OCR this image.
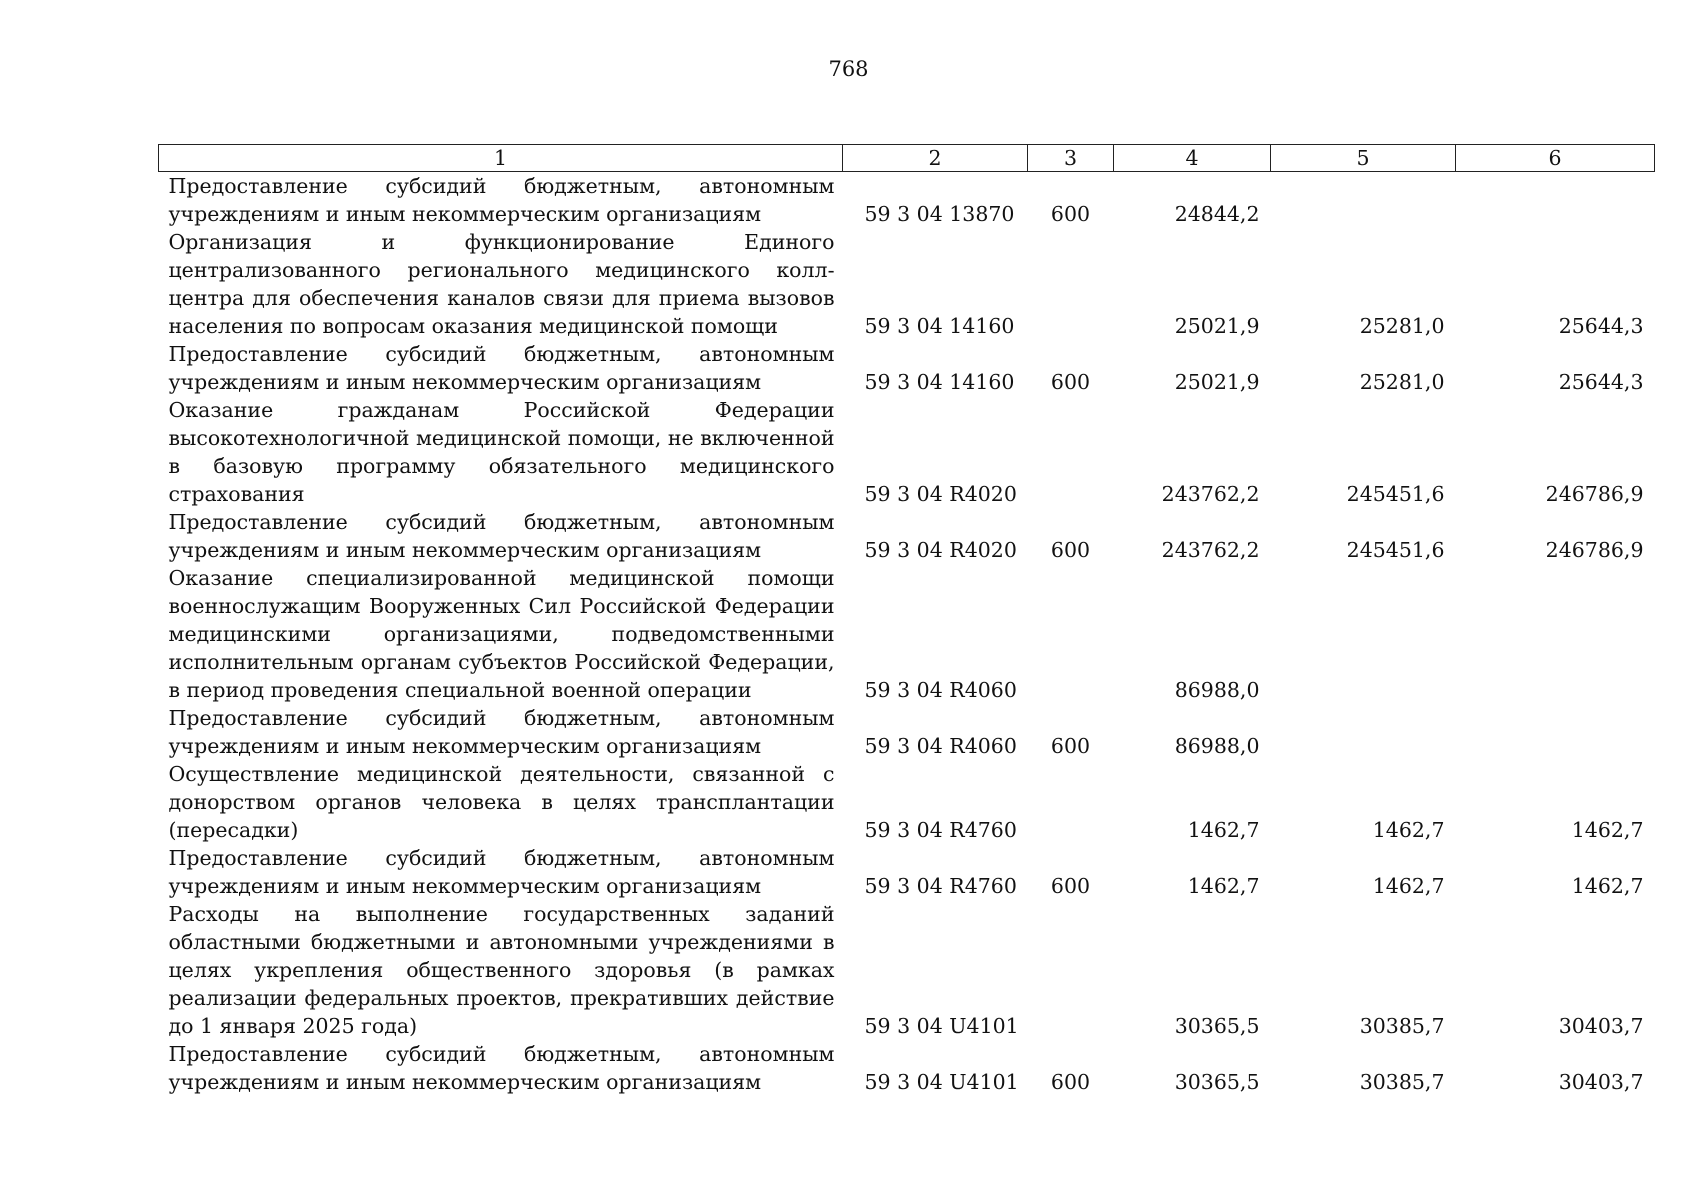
768
1	2	3	4	5	6
Предоставление субсидий бюджетным, автономным учреждениям и иным некоммерческим организациям	59 3 04 13870	600	24844,2		
Организация и функционирование Единого централизованного регионального медицинского колл-центра для обеспечения каналов связи для приема вызовов населения по вопросам оказания медицинской помощи	59 3 04 14160		25021,9	25281,0	25644,3
Предоставление субсидий бюджетным, автономным учреждениям и иным некоммерческим организациям	59 3 04 14160	600	25021,9	25281,0	25644,3
Оказание гражданам Российской Федерации высокотехнологичной медицинской помощи, не включенной в базовую программу обязательного медицинского страхования	59 3 04 R4020		243762,2	245451,6	246786,9
Предоставление субсидий бюджетным, автономным учреждениям и иным некоммерческим организациям	59 3 04 R4020	600	243762,2	245451,6	246786,9
Оказание специализированной медицинской помощи военнослужащим Вооруженных Сил Российской Федерации медицинскими организациями, подведомственными исполнительным органам субъектов Российской Федерации, в период проведения специальной военной операции	59 3 04 R4060		86988,0		
Предоставление субсидий бюджетным, автономным учреждениям и иным некоммерческим организациям	59 3 04 R4060	600	86988,0		
Осуществление медицинской деятельности, связанной с донорством органов человека в целях трансплантации (пересадки)	59 3 04 R4760		1462,7	1462,7	1462,7
Предоставление субсидий бюджетным, автономным учреждениям и иным некоммерческим организациям	59 3 04 R4760	600	1462,7	1462,7	1462,7
Расходы на выполнение государственных заданий областными бюджетными и автономными учреждениями в целях укрепления общественного здоровья (в рамках реализации федеральных проектов, прекративших действие до 1 января 2025 года)	59 3 04 U4101		30365,5	30385,7	30403,7
Предоставление субсидий бюджетным, автономным учреждениям и иным некоммерческим организациям	59 3 04 U4101	600	30365,5	30385,7	30403,7
